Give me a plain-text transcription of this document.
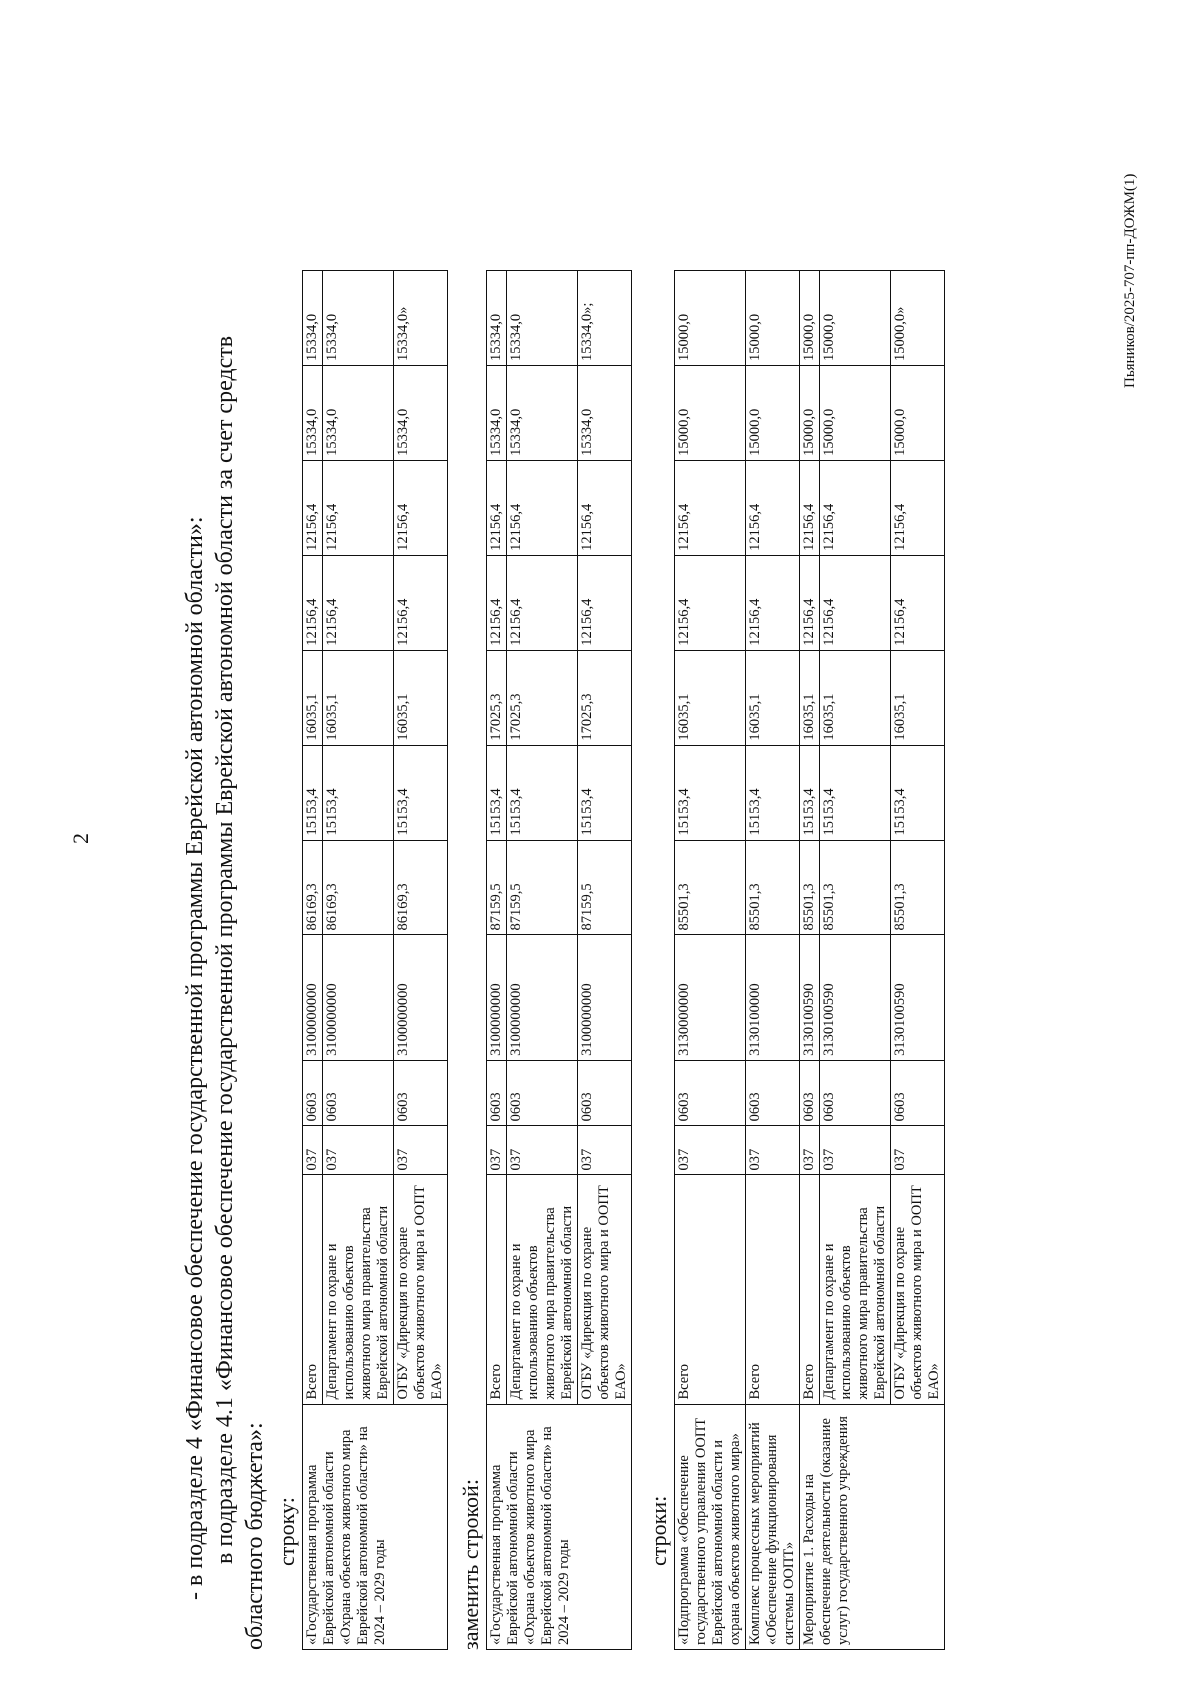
2
Пьяников/2025-707-пп-ДОЖМ(1)

- в подразделе 4 «Финансовое обеспечение государственной программы Еврейской автономной области»: в подразделе 4.1 «Финансовое обеспечение государственной программы Еврейской автономной области за счет средств областного бюджета»: строку: «Государственная программа Еврейской автономной области «Охрана объектов животного мира Еврейской автономной области» на 2024 – 2029 годы	Всего	037	0603	3100000000	86169,3	15153,4	16035,1	12156,4	12156,4	15334,0	15334,0
	Департамент по охране и использованию объектов животного мира правительства Еврейской автономной области	037	0603	3100000000	86169,3	15153,4	16035,1	12156,4	12156,4	15334,0	15334,0
	ОГБУ «Дирекция по охране объектов животного мира и ООПТ ЕАО»	037	0603	3100000000	86169,3	15153,4	16035,1	12156,4	12156,4	15334,0	15334,0»
заменить строкой: «Государственная программа Еврейской автономной области «Охрана объектов животного мира Еврейской автономной области» на 2024 – 2029 годы	Всего	037	0603	3100000000	87159,5	15153,4	17025,3	12156,4	12156,4	15334,0	15334,0
	Департамент по охране и использованию объектов животного мира правительства Еврейской автономной области	037	0603	3100000000	87159,5	15153,4	17025,3	12156,4	12156,4	15334,0	15334,0
	ОГБУ «Дирекция по охране объектов животного мира и ООПТ ЕАО»	037	0603	3100000000	87159,5	15153,4	17025,3	12156,4	12156,4	15334,0	15334,0»;
строки: «Подпрограмма «Обеспечение государственного управления ООПТ Еврейской автономной области и охрана объектов животного мира»	Всего	037	0603	3130000000	85501,3	15153,4	16035,1	12156,4	12156,4	15000,0	15000,0
Комплекс процессных мероприятий «Обеспечение функционирования системы ООПТ»	Всего	037	0603	3130100000	85501,3	15153,4	16035,1	12156,4	12156,4	15000,0	15000,0
Мероприятие 1. Расходы на обеспечение деятельности (оказание услуг) государственного учреждения	Всего	037	0603	3130100590	85501,3	15153,4	16035,1	12156,4	12156,4	15000,0	15000,0
	Департамент по охране и использованию объектов животного мира правительства Еврейской автономной области	037	0603	3130100590	85501,3	15153,4	16035,1	12156,4	12156,4	15000,0	15000,0
	ОГБУ «Дирекция по охране объектов животного мира и ООПТ ЕАО»	037	0603	3130100590	85501,3	15153,4	16035,1	12156,4	12156,4	15000,0	15000,0»
